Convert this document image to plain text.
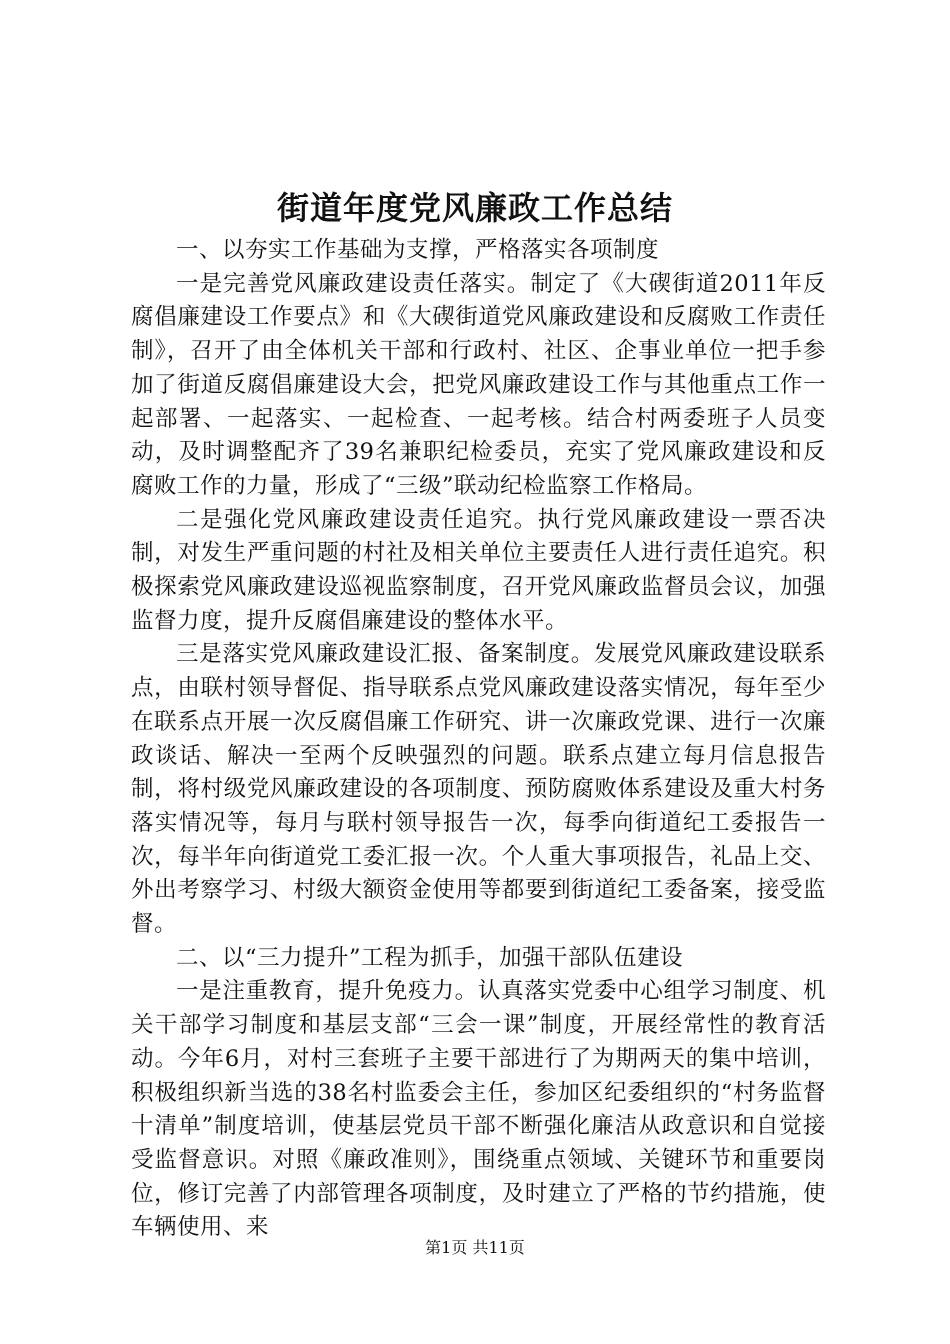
街道年度党风廉政工作总结

一、以夯实工作基础为支撑，严格落实各项制度

一是完善党风廉政建设责任落实。制定了《大碶街道2011年反腐倡廉建设工作要点》和《大碶街道党风廉政建设和反腐败工作责任制》，召开了由全体机关干部和行政村、社区、企事业单位一把手参加了街道反腐倡廉建设大会，把党风廉政建设工作与其他重点工作一起部署、一起落实、一起检查、一起考核。结合村两委班子人员变动，及时调整配齐了39名兼职纪检委员，充实了党风廉政建设和反腐败工作的力量，形成了“三级”联动纪检监察工作格局。

二是强化党风廉政建设责任追究。执行党风廉政建设一票否决制，对发生严重问题的村社及相关单位主要责任人进行责任追究。积极探索党风廉政建设巡视监察制度，召开党风廉政监督员会议，加强监督力度，提升反腐倡廉建设的整体水平。

三是落实党风廉政建设汇报、备案制度。发展党风廉政建设联系点，由联村领导督促、指导联系点党风廉政建设落实情况，每年至少在联系点开展一次反腐倡廉工作研究、讲一次廉政党课、进行一次廉政谈话、解决一至两个反映强烈的问题。联系点建立每月信息报告制，将村级党风廉政建设的各项制度、预防腐败体系建设及重大村务落实情况等，每月与联村领导报告一次，每季向街道纪工委报告一次，每半年向街道党工委汇报一次。个人重大事项报告，礼品上交、外出考察学习、村级大额资金使用等都要到街道纪工委备案，接受监督。

二、以“三力提升”工程为抓手，加强干部队伍建设

一是注重教育，提升免疫力。认真落实党委中心组学习制度、机关干部学习制度和基层支部“三会一课”制度，开展经常性的教育活动。今年6月，对村三套班子主要干部进行了为期两天的集中培训，积极组织新当选的38名村监委会主任，参加区纪委组织的“村务监督十清单”制度培训，使基层党员干部不断强化廉洁从政意识和自觉接受监督意识。对照《廉政准则》，围绕重点领域、关键环节和重要岗位，修订完善了内部管理各项制度，及时建立了严格的节约措施，使车辆使用、来

第1页 共11页
